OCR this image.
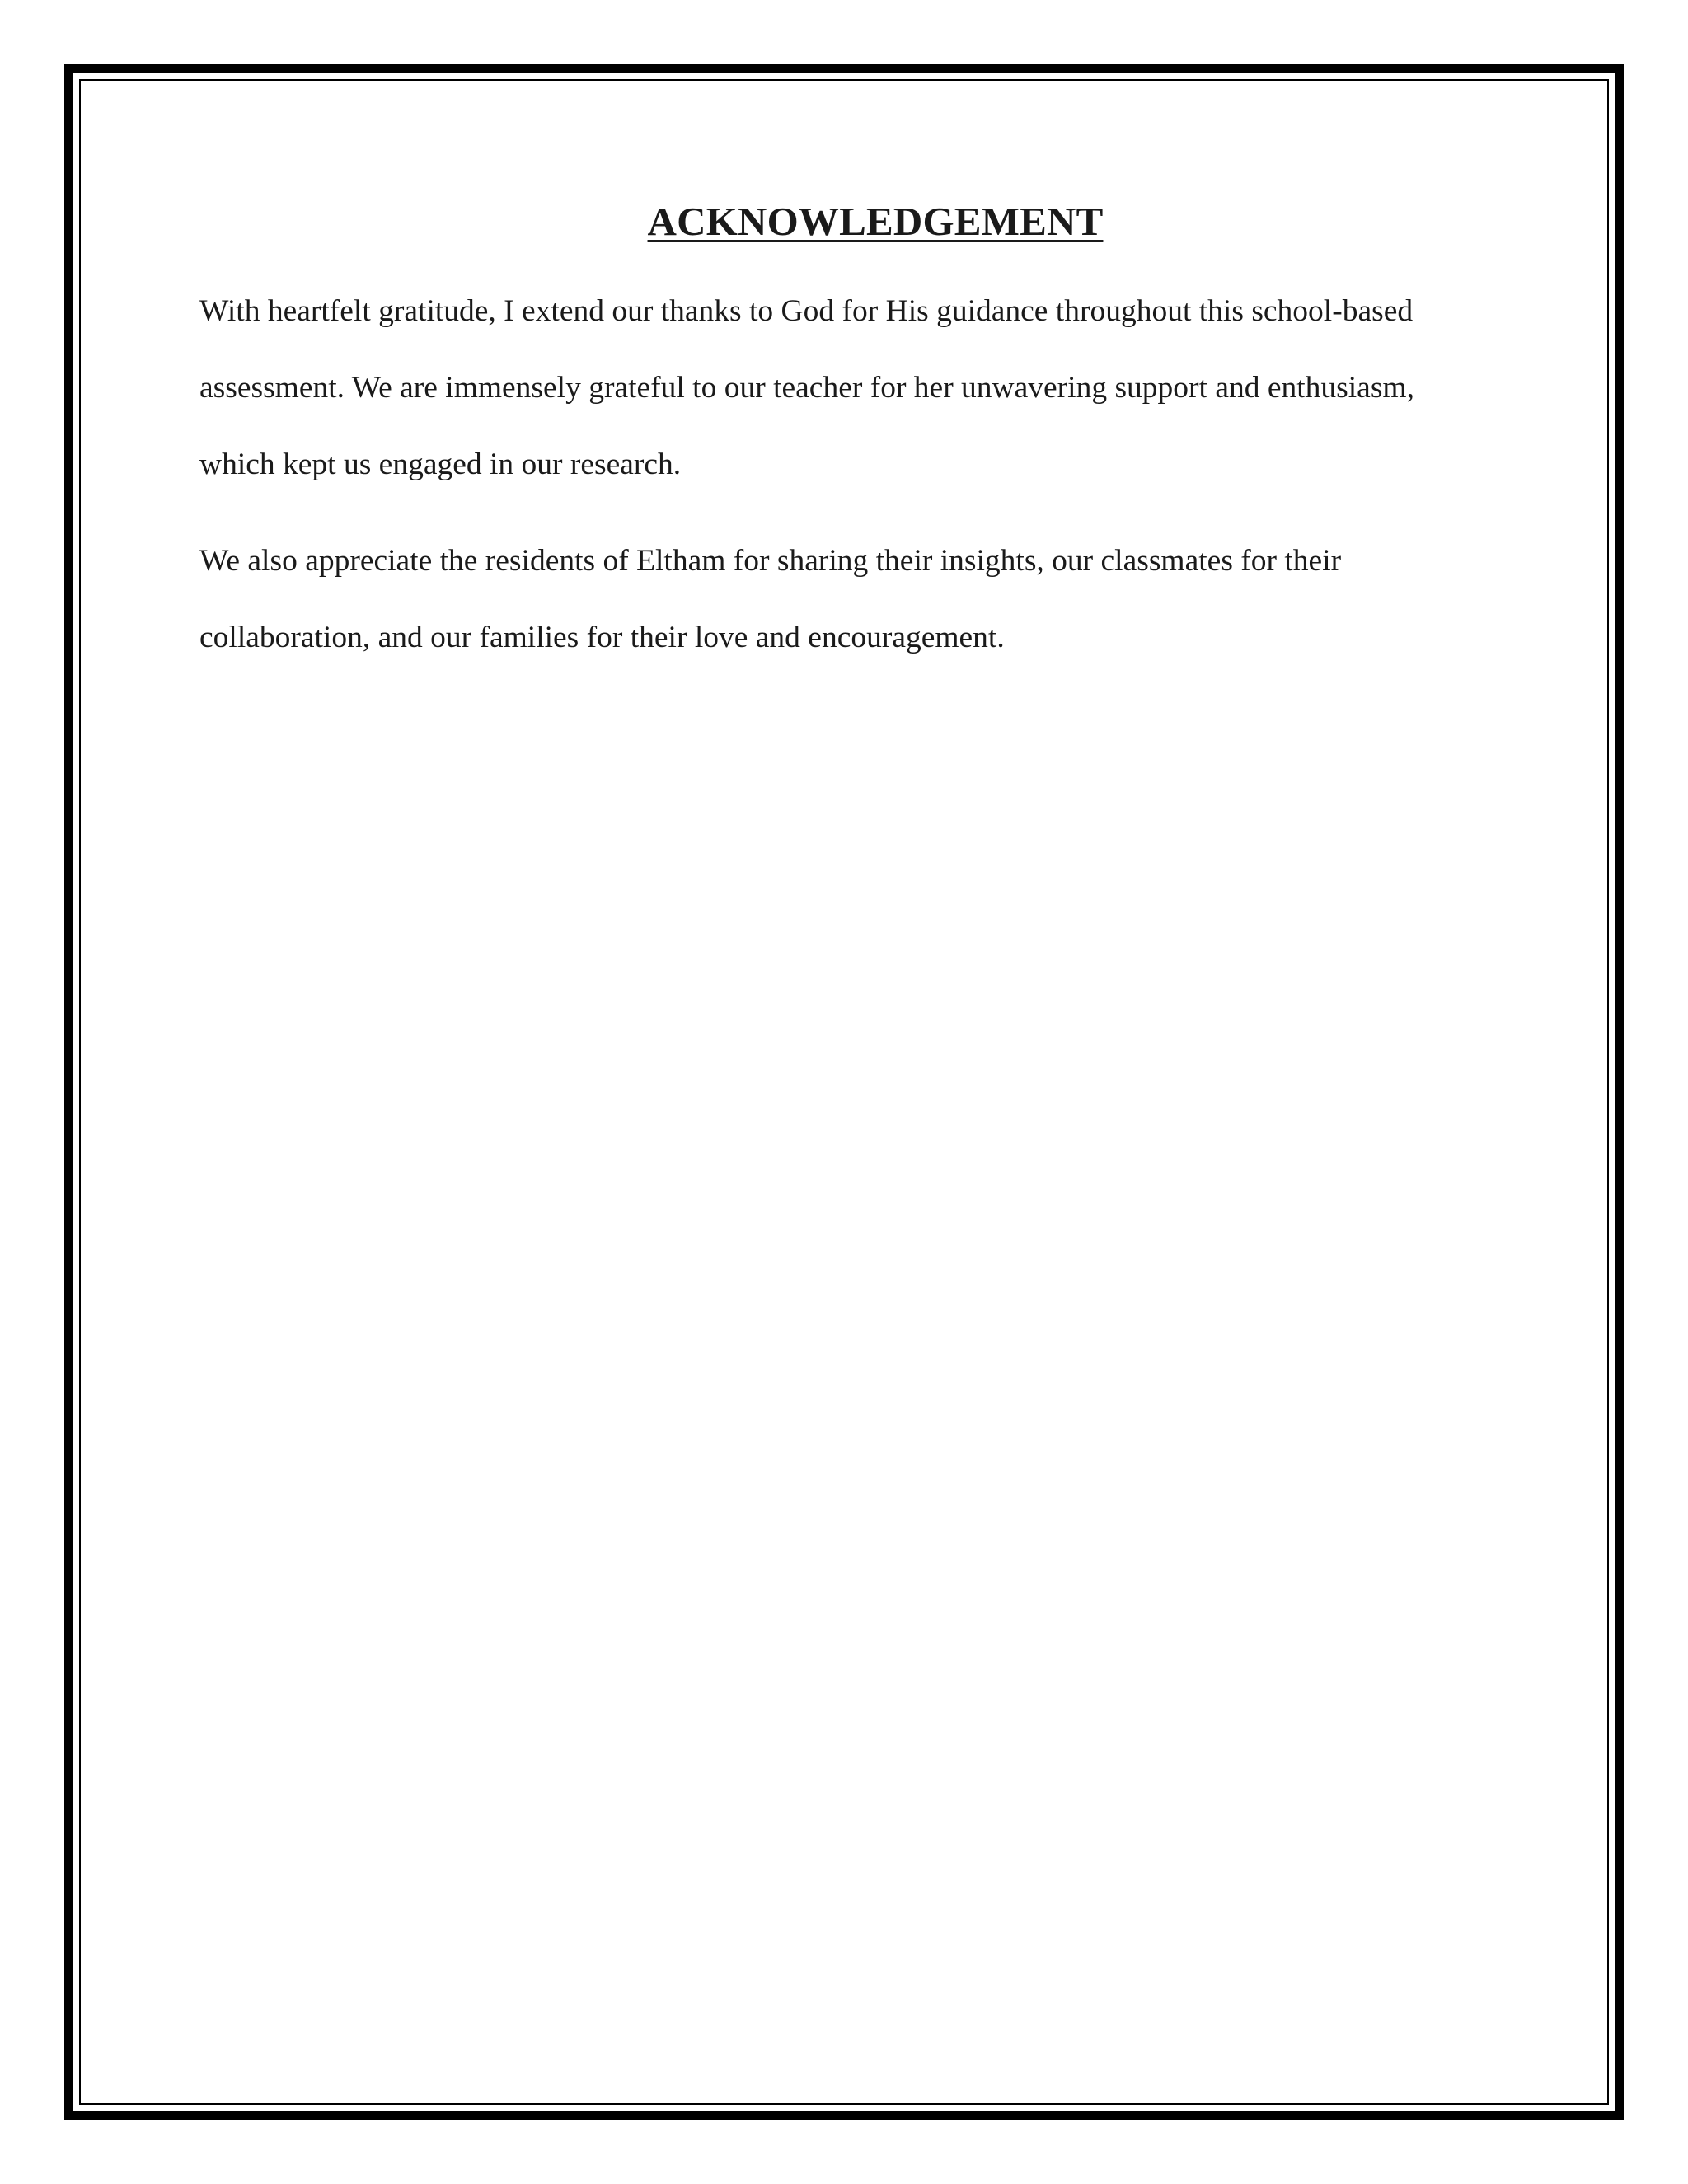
ACKNOWLEDGEMENT

With heartfelt gratitude, I extend our thanks to God for His guidance throughout this school-based assessment. We are immensely grateful to our teacher for her unwavering support and enthusiasm, which kept us engaged in our research.

We also appreciate the residents of Eltham for sharing their insights, our classmates for their collaboration, and our families for their love and encouragement.
